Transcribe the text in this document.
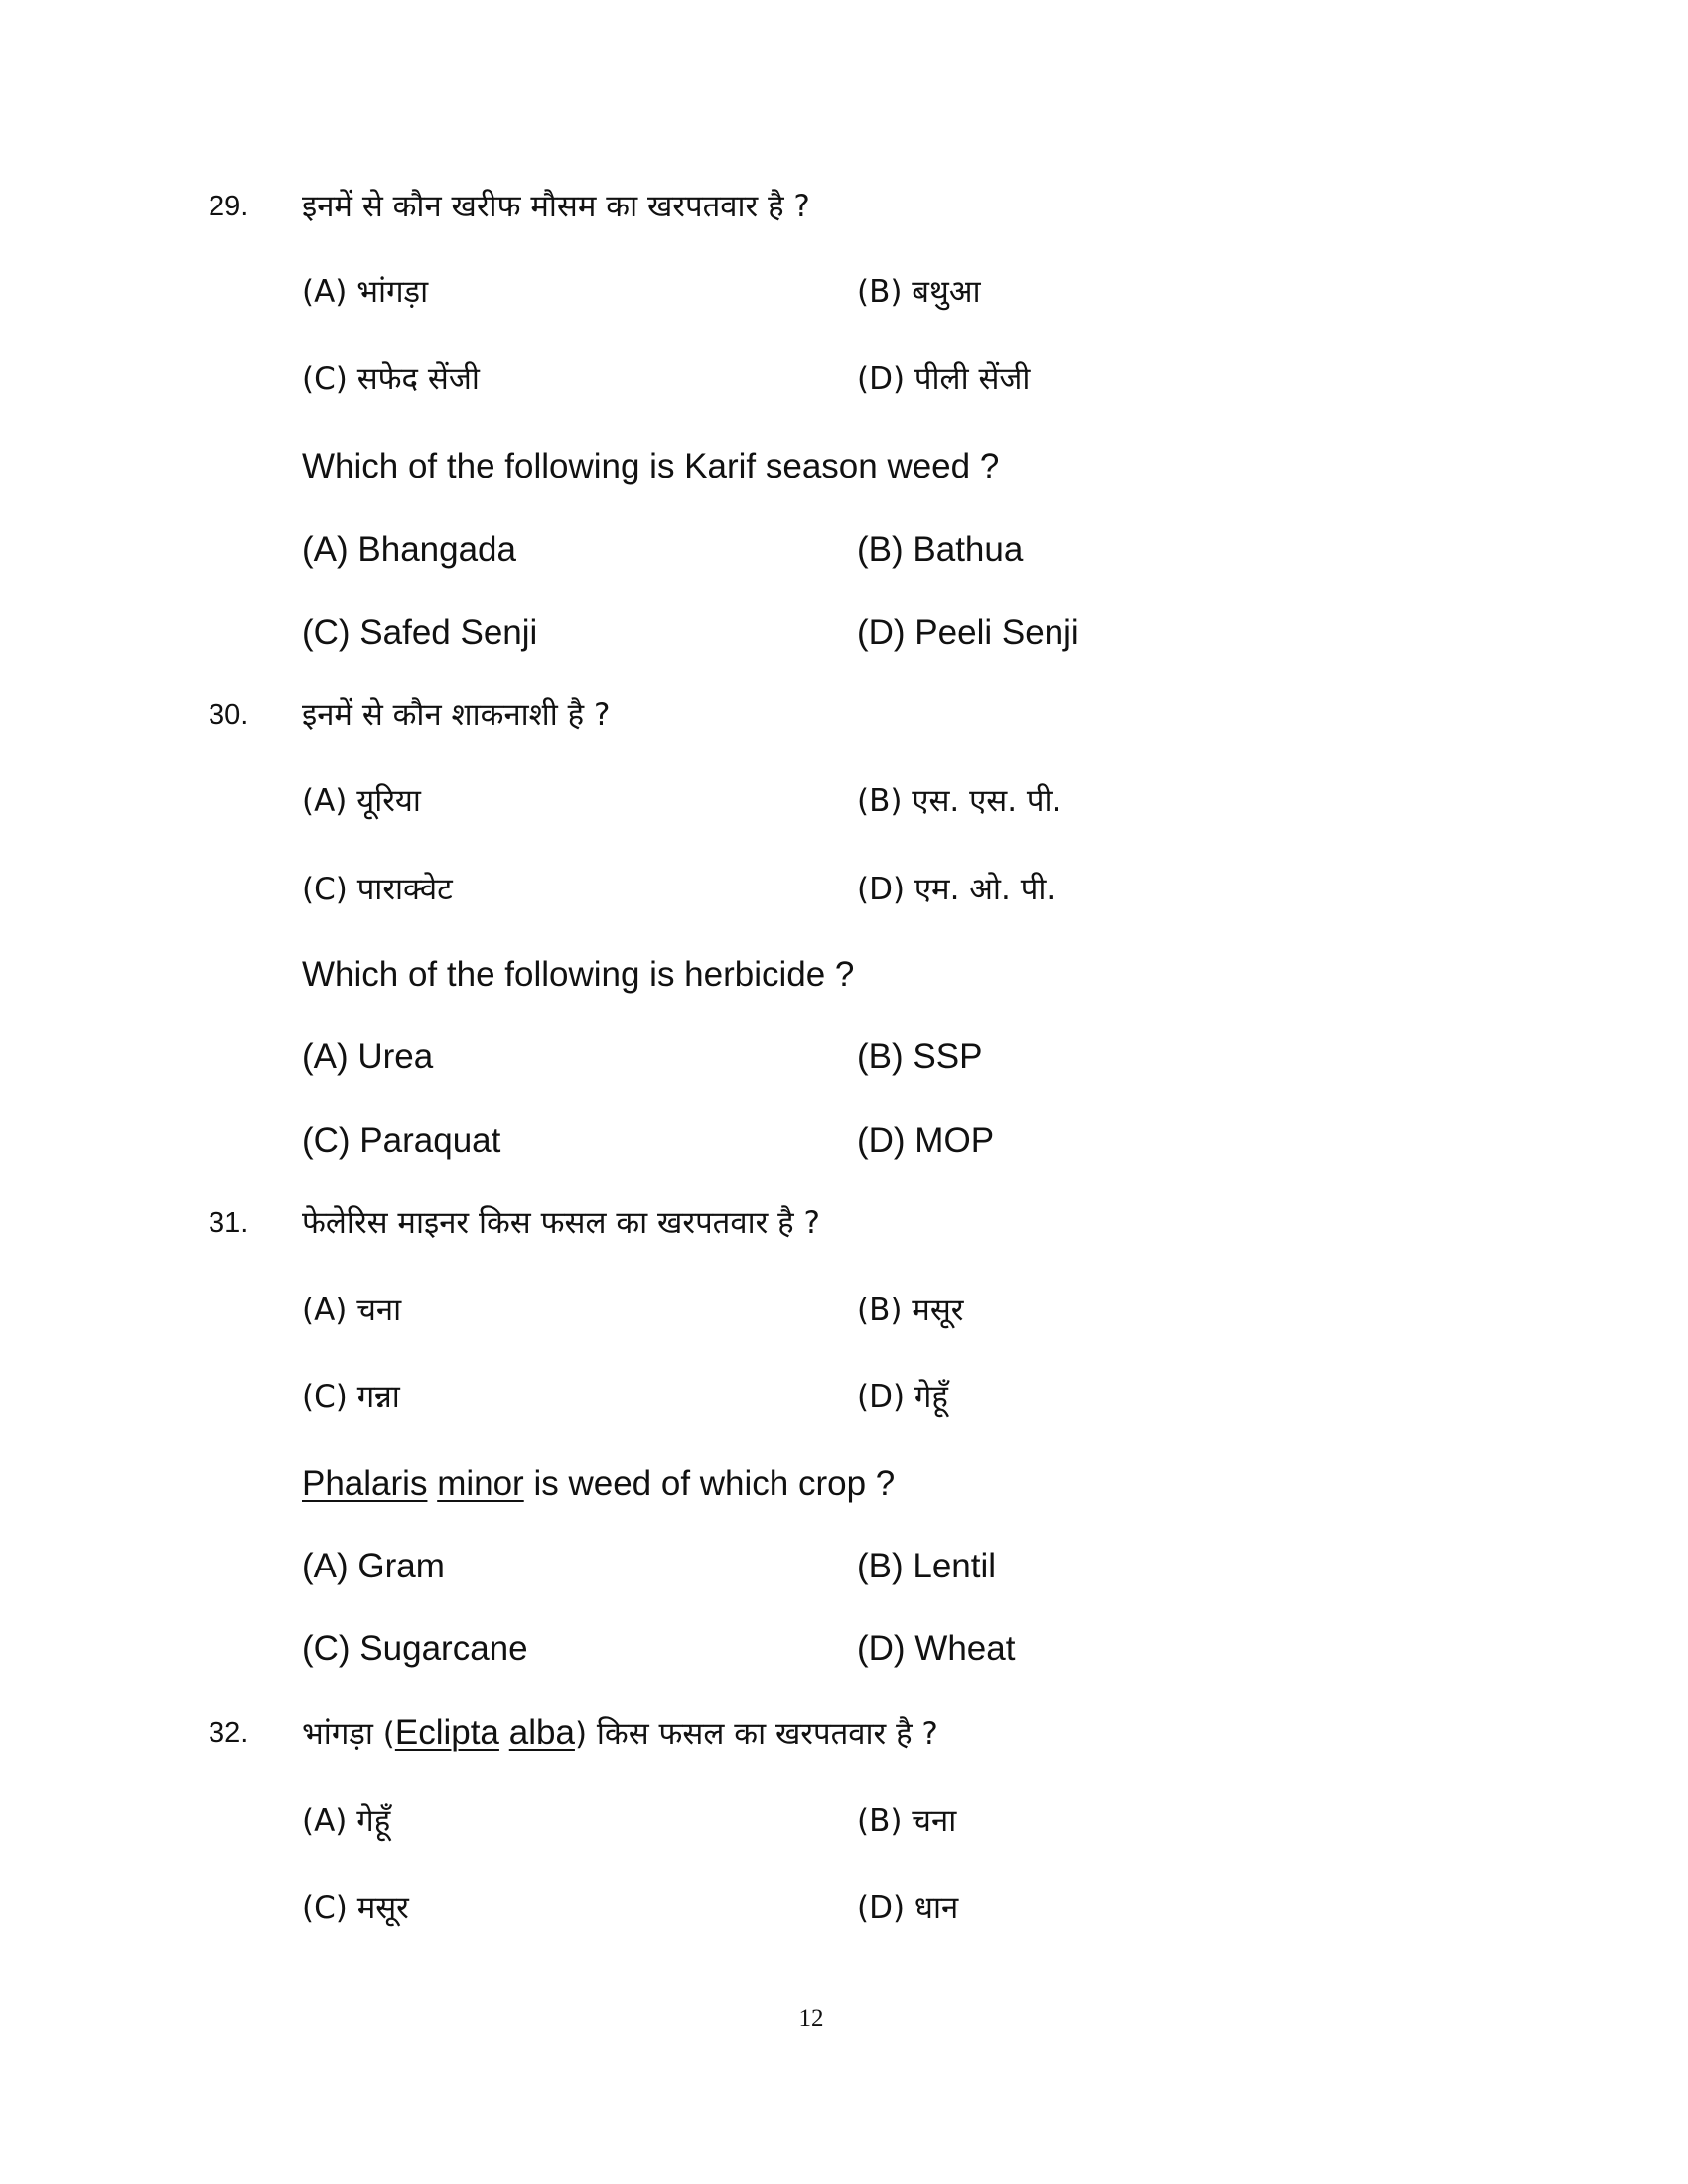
29. इनमें से कौन खरीफ मौसम का खरपतवार है ?
(A) भांगड़ा	(B) बथुआ
(C) सफेद सेंजी	(D) पीली सेंजी
Which of the following is Karif season weed ?
(A) Bhangada	(B) Bathua
(C) Safed Senji	(D) Peeli Senji
30. इनमें से कौन शाकनाशी है ?
(A) यूरिया	(B) एस. एस. पी.
(C) पाराक्वेट	(D) एम. ओ. पी.
Which of the following is herbicide ?
(A) Urea	(B) SSP
(C) Paraquat	(D) MOP
31. फेलेरिस माइनर किस फसल का खरपतवार है ?
(A) चना	(B) मसूर
(C) गन्ना	(D) गेहूँ
Phalaris minor is weed of which crop ?
(A) Gram	(B) Lentil
(C) Sugarcane	(D) Wheat
32. भांगड़ा (Eclipta alba) किस फसल का खरपतवार है ?
(A) गेहूँ	(B) चना
(C) मसूर	(D) धान
12
